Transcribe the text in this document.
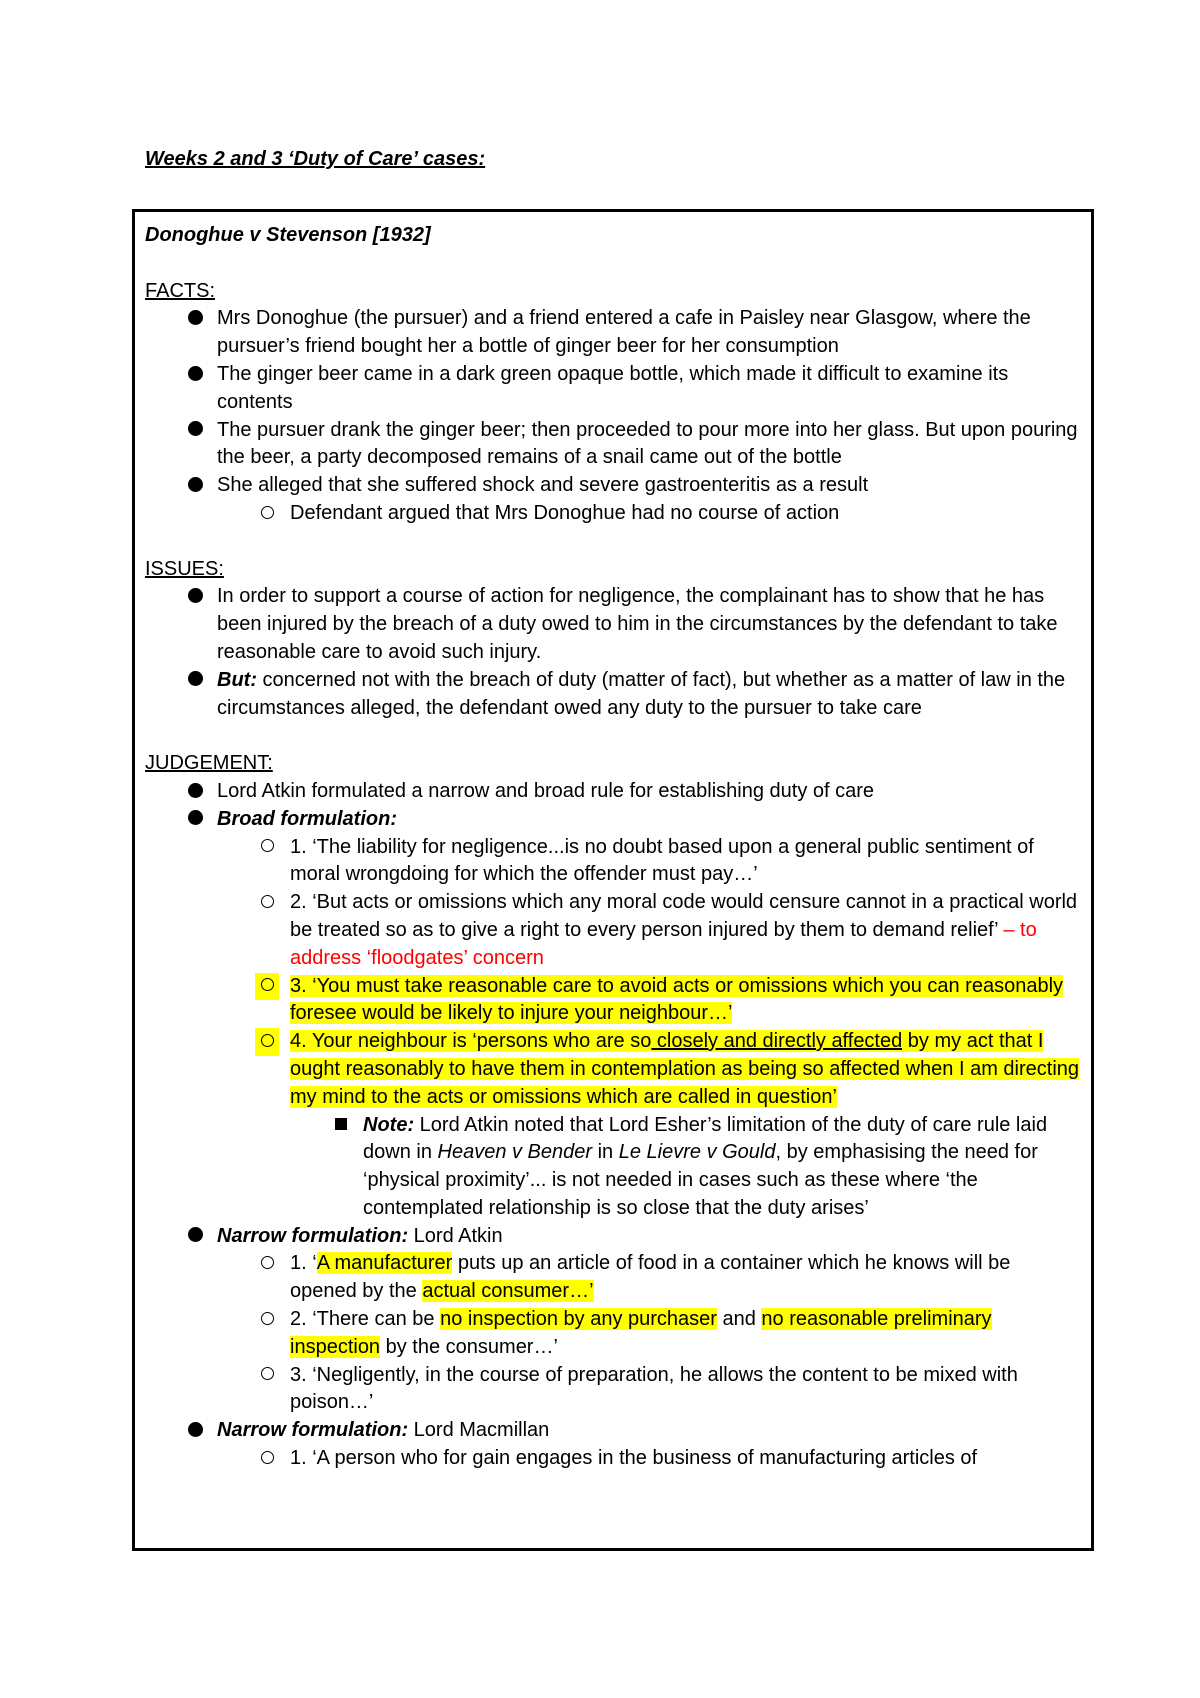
Weeks 2 and 3 ‘Duty of Care’ cases:

Donoghue v Stevenson [1932]

FACTS:

Mrs Donoghue (the pursuer) and a friend entered a cafe in Paisley near Glasgow, where the pursuer’s friend bought her a bottle of ginger beer for her consumption
The ginger beer came in a dark green opaque bottle, which made it difficult to examine its contents
The pursuer drank the ginger beer; then proceeded to pour more into her glass. But upon pouring the beer, a party decomposed remains of a snail came out of the bottle
She alleged that she suffered shock and severe gastroenteritis as a result
Defendant argued that Mrs Donoghue had no course of action

ISSUES:

In order to support a course of action for negligence, the complainant has to show that he has been injured by the breach of a duty owed to him in the circumstances by the defendant to take reasonable care to avoid such injury.
But: concerned not with the breach of duty (matter of fact), but whether as a matter of law in the circumstances alleged, the defendant owed any duty to the pursuer to take care

JUDGEMENT:

Lord Atkin formulated a narrow and broad rule for establishing duty of care
Broad formulation:
1. ‘The liability for negligence...is no doubt based upon a general public sentiment of moral wrongdoing for which the offender must pay…’
2. ‘But acts or omissions which any moral code would censure cannot in a practical world be treated so as to give a right to every person injured by them to demand relief’ – to address ‘floodgates’ concern
3. ‘You must take reasonable care to avoid acts or omissions which you can reasonably foresee would be likely to injure your neighbour…’
4. Your neighbour is ‘persons who are so closely and directly affected by my act that I ought reasonably to have them in contemplation as being so affected when I am directing my mind to the acts or omissions which are called in question’
Note: Lord Atkin noted that Lord Esher’s limitation of the duty of care rule laid down in Heaven v Bender in Le Lievre v Gould, by emphasising the need for ‘physical proximity’... is not needed in cases such as these where ‘the contemplated relationship is so close that the duty arises’
Narrow formulation: Lord Atkin
1. ‘A manufacturer puts up an article of food in a container which he knows will be opened by the actual consumer…’
2. ‘There can be no inspection by any purchaser and no reasonable preliminary inspection by the consumer…’
3. ‘Negligently, in the course of preparation, he allows the content to be mixed with poison…’
Narrow formulation: Lord Macmillan
1. ‘A person who for gain engages in the business of manufacturing articles of
